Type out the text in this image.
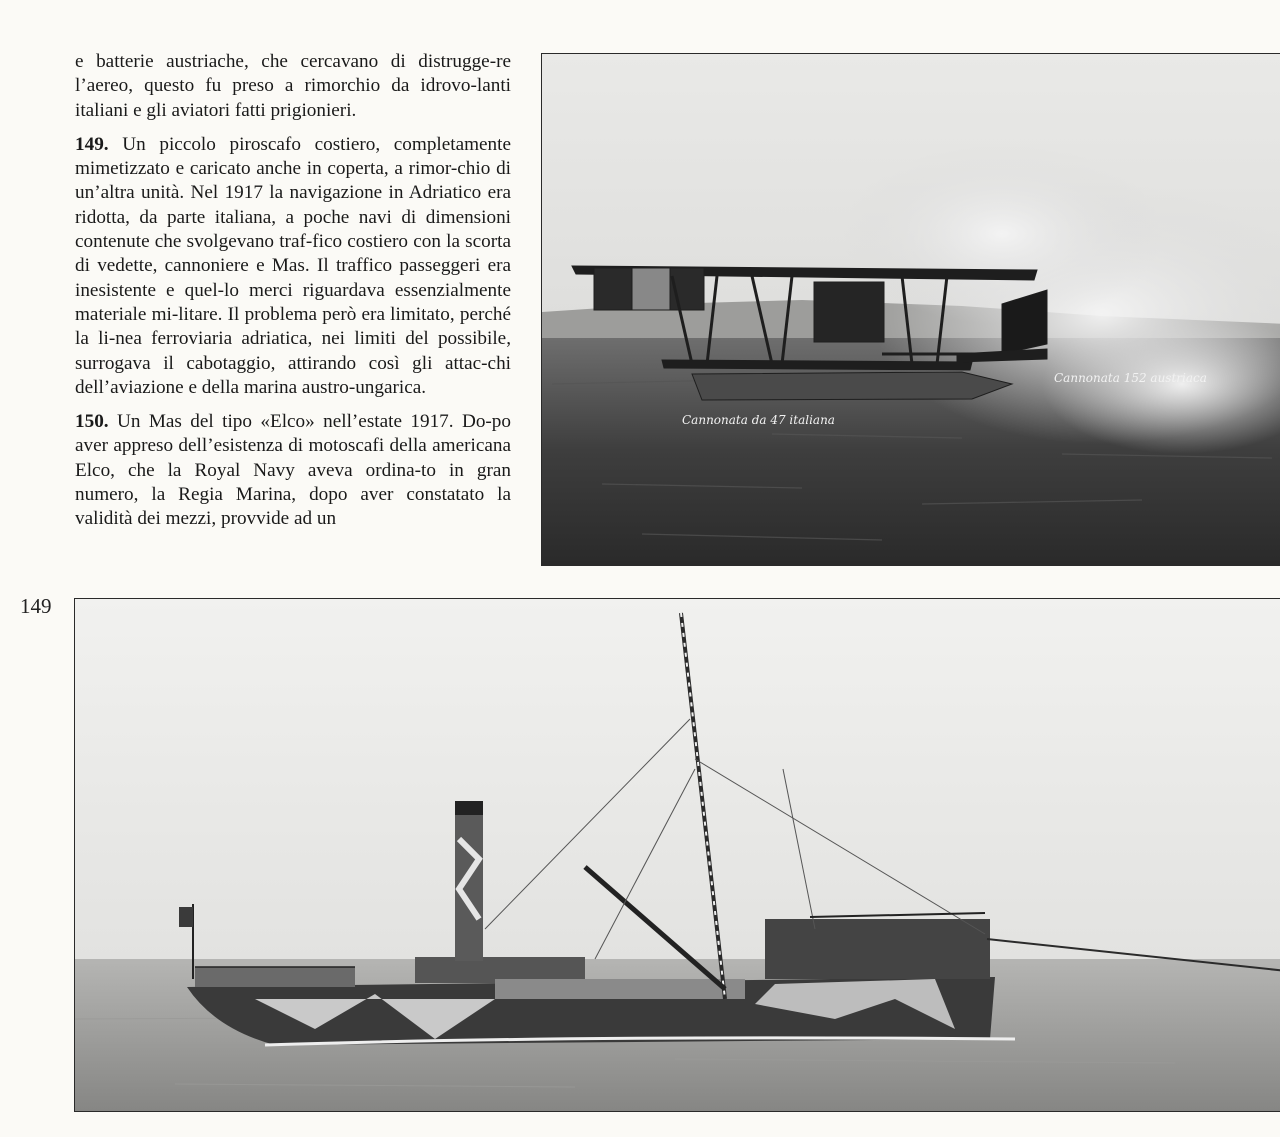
e batterie austriache, che cercavano di distrugge-re l’aereo, questo fu preso a rimorchio da idrovo-lanti italiani e gli aviatori fatti prigionieri.

149. Un piccolo piroscafo costiero, completamente mimetizzato e caricato anche in coperta, a rimor-chio di un’altra unità. Nel 1917 la navigazione in Adriatico era ridotta, da parte italiana, a poche navi di dimensioni contenute che svolgevano traf-fico costiero con la scorta di vedette, cannoniere e Mas. Il traffico passeggeri era inesistente e quel-lo merci riguardava essenzialmente materiale mi-litare. Il problema però era limitato, perché la li-nea ferroviaria adriatica, nei limiti del possibile, surrogava il cabotaggio, attirando così gli attac-chi dell’aviazione e della marina austro-ungarica.

150. Un Mas del tipo «Elco» nell’estate 1917. Do-po aver appreso dell’esistenza di motoscafi della americana Elco, che la Royal Navy aveva ordina-to in gran numero, la Regia Marina, dopo aver constatato la validità dei mezzi, provvide ad un

Cannonata 152 austriaca
Cannonata da 47 italiana
149
